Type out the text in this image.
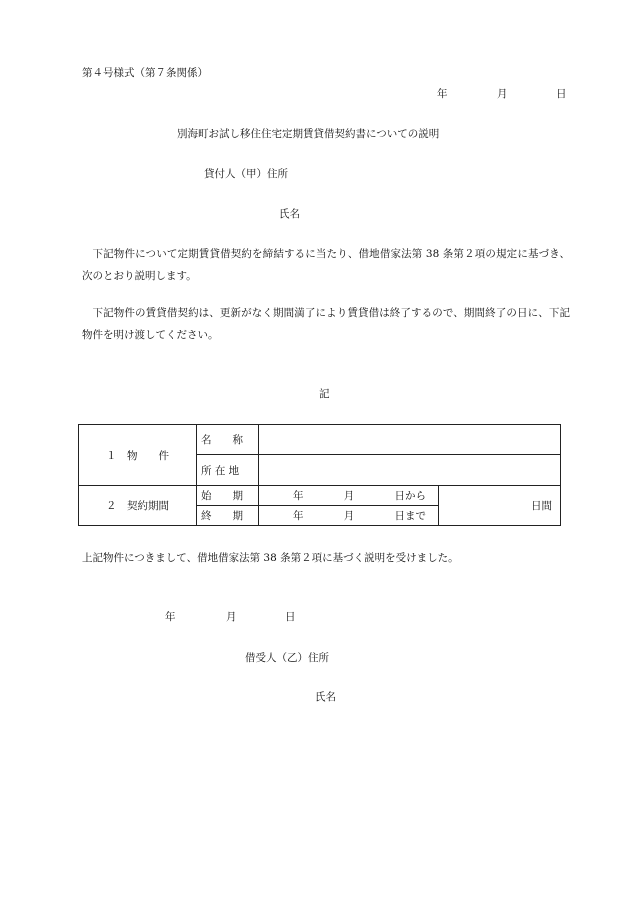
第４号様式（第７条関係）
年	月	日
別海町お試し移住住宅定期賃貸借契約書についての説明
貸付人（甲）住所
氏名
下記物件について定期賃貸借契約を締結するに当たり、借地借家法第 38 条第２項の規定に基づき、次のとおり説明します。
下記物件の賃貸借契約は、更新がなく期間満了により賃貸借は終了するので、期間終了の日に、下記物件を明け渡してください。
記
１　物　　件	名　　称		
	所 在 地		
２　契約期間	始　　期	年 月 日から	日間
	終　　期	年 月 日まで	
上記物件につきまして、借地借家法第 38 条第２項に基づく説明を受けました。
年	月	日
借受人（乙）住所
氏名
